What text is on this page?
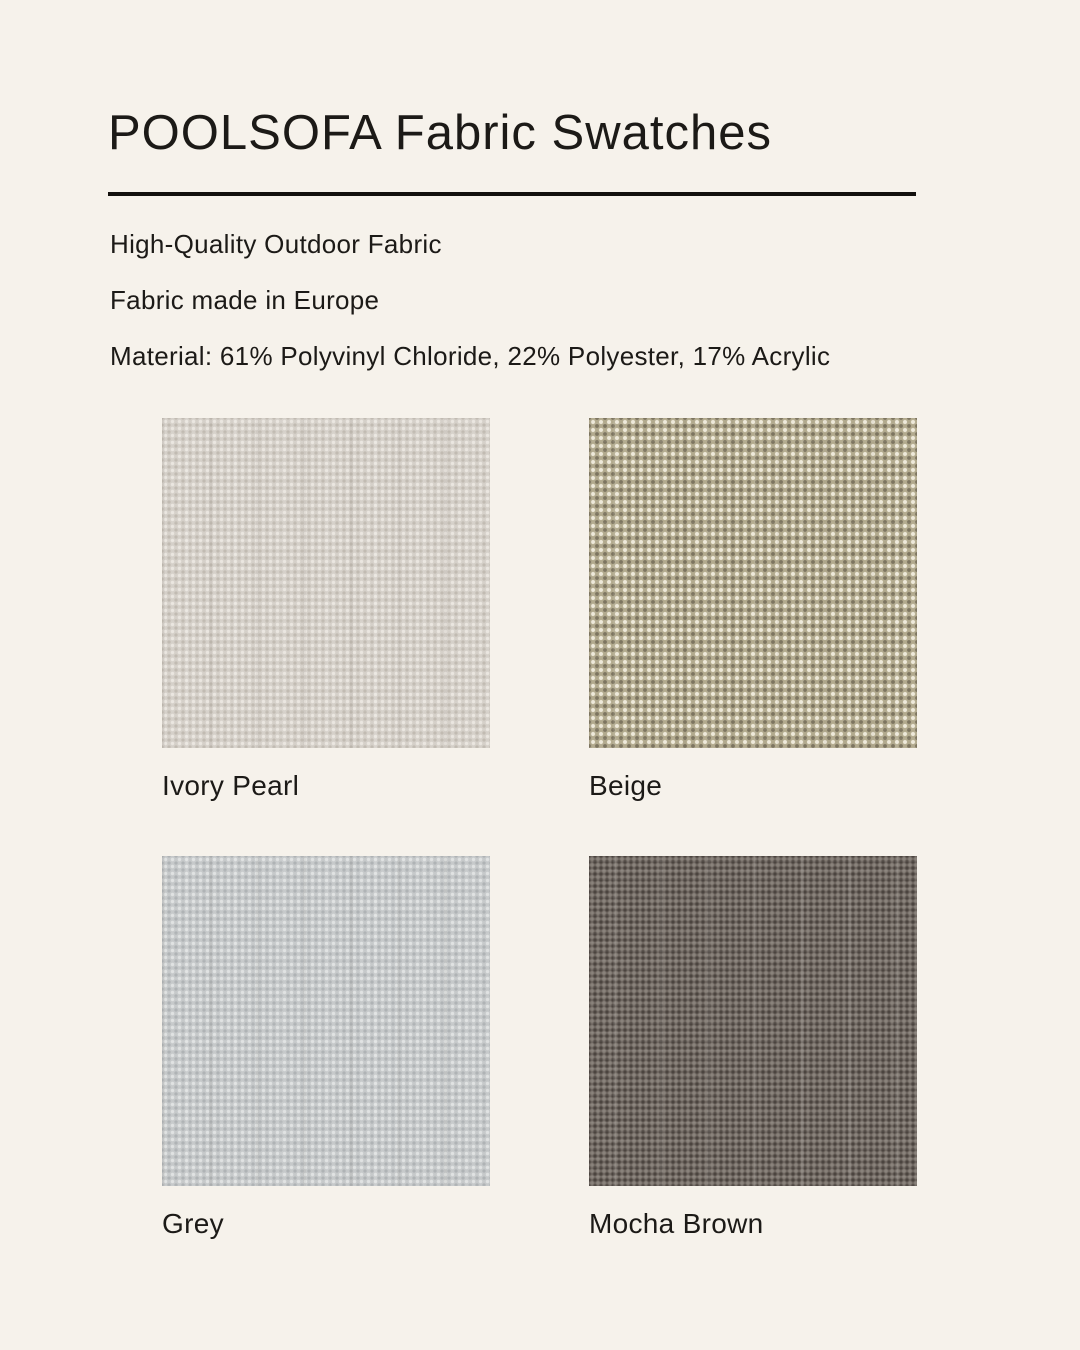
POOLSOFA Fabric Swatches

High-Quality Outdoor Fabric

Fabric made in Europe

Material: 61% Polyvinyl Chloride, 22% Polyester, 17% Acrylic

Ivory Pearl	Beige
Grey	Mocha Brown
